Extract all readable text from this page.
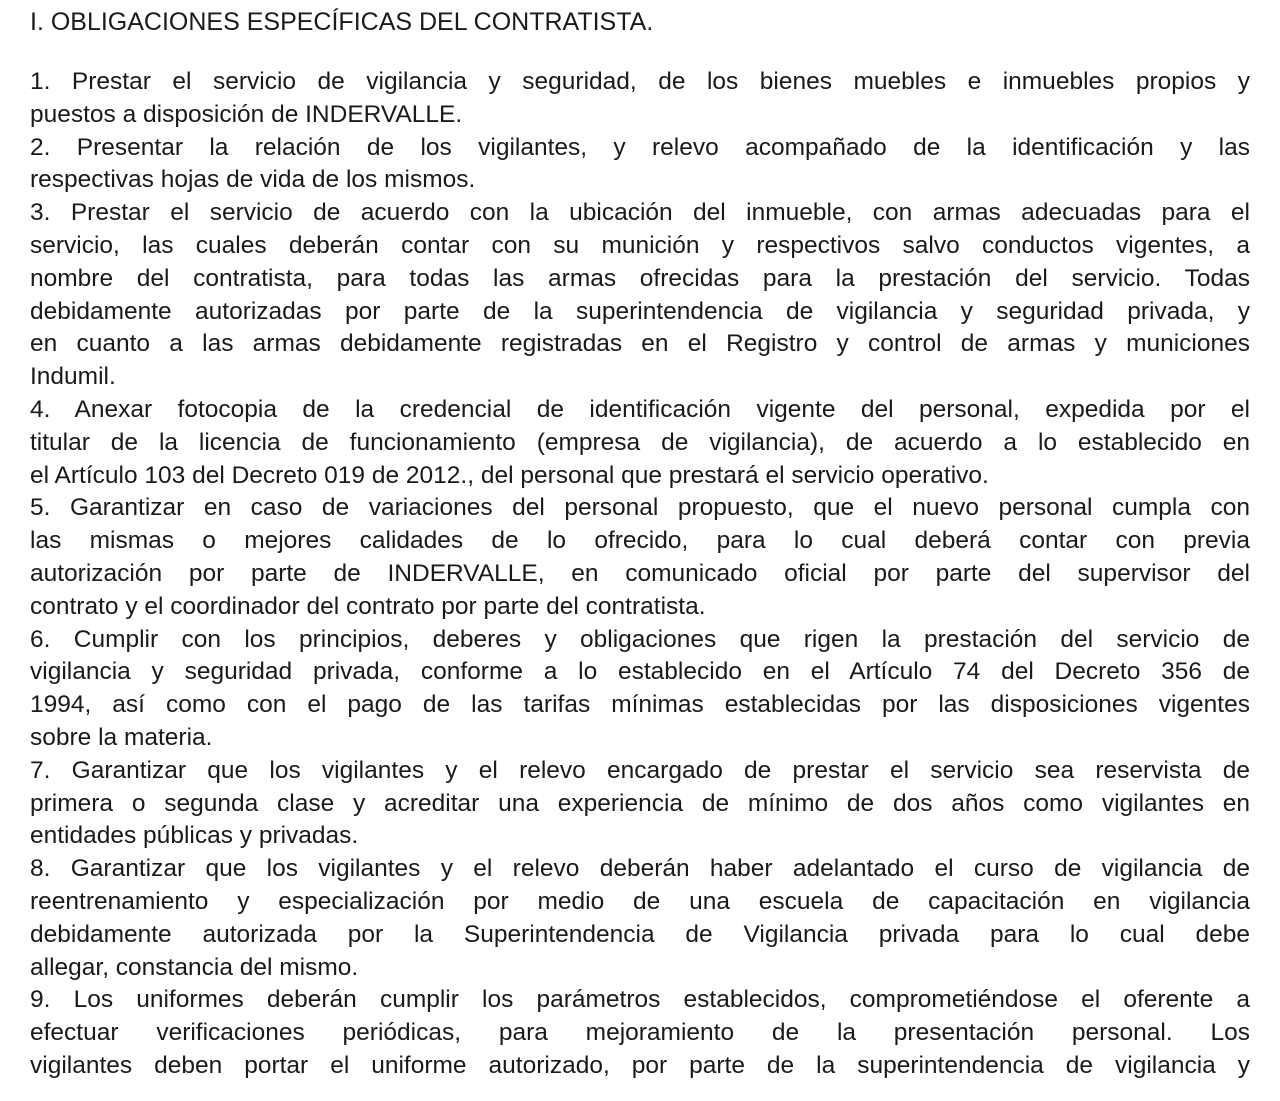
I. OBLIGACIONES ESPECÍFICAS DEL CONTRATISTA.
1. Prestar el servicio de vigilancia y seguridad, de los bienes muebles e inmuebles propios y
puestos a disposición de INDERVALLE.
2. Presentar la relación de los vigilantes, y relevo acompañado de la identificación y las
respectivas hojas de vida de los mismos.
3. Prestar el servicio de acuerdo con la ubicación del inmueble, con armas adecuadas para el
servicio, las cuales deberán contar con su munición y respectivos salvo conductos vigentes, a
nombre del contratista, para todas las armas ofrecidas para la prestación del servicio. Todas
debidamente autorizadas por parte de la superintendencia de vigilancia y seguridad privada, y
en cuanto a las armas debidamente registradas en el Registro y control de armas y municiones
Indumil.
4. Anexar fotocopia de la credencial de identificación vigente del personal, expedida por el
titular de la licencia de funcionamiento (empresa de vigilancia), de acuerdo a lo establecido en
el Artículo 103 del Decreto 019 de 2012., del personal que prestará el servicio operativo.
5. Garantizar en caso de variaciones del personal propuesto, que el nuevo personal cumpla con
las mismas o mejores calidades de lo ofrecido, para lo cual deberá contar con previa
autorización por parte de INDERVALLE, en comunicado oficial por parte del supervisor del
contrato y el coordinador del contrato por parte del contratista.
6. Cumplir con los principios, deberes y obligaciones que rigen la prestación del servicio de
vigilancia y seguridad privada, conforme a lo establecido en el Artículo 74 del Decreto 356 de
1994, así como con el pago de las tarifas mínimas establecidas por las disposiciones vigentes
sobre la materia.
7. Garantizar que los vigilantes y el relevo encargado de prestar el servicio sea reservista de
primera o segunda clase y acreditar una experiencia de mínimo de dos años como vigilantes en
entidades públicas y privadas.
8. Garantizar que los vigilantes y el relevo deberán haber adelantado el curso de vigilancia de
reentrenamiento y especialización por medio de una escuela de capacitación en vigilancia
debidamente autorizada por la Superintendencia de Vigilancia privada para lo cual debe
allegar, constancia del mismo.
9. Los uniformes deberán cumplir los parámetros establecidos, comprometiéndose el oferente a
efectuar verificaciones periódicas, para mejoramiento de la presentación personal. Los
vigilantes deben portar el uniforme autorizado, por parte de la superintendencia de vigilancia y
